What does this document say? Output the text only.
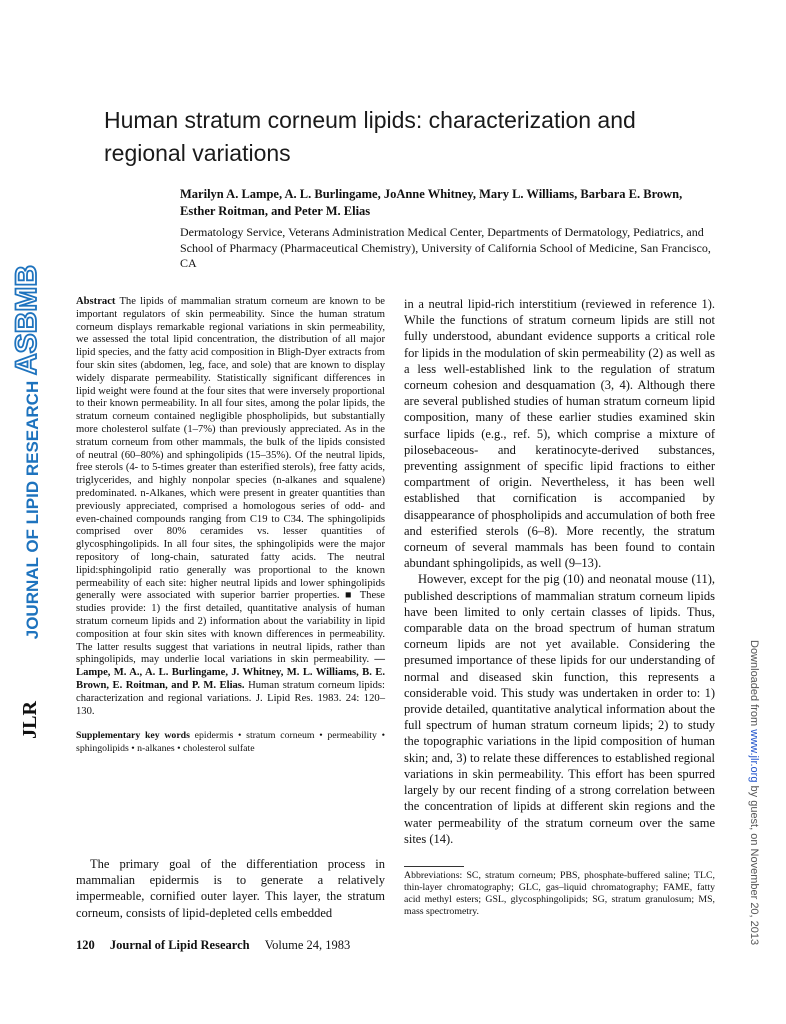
ASBMB
JOURNAL OF LIPID RESEARCH
JLR
Human stratum corneum lipids: characterization and regional variations
Marilyn A. Lampe, A. L. Burlingame, JoAnne Whitney, Mary L. Williams, Barbara E. Brown, Esther Roitman, and Peter M. Elias
Dermatology Service, Veterans Administration Medical Center, Departments of Dermatology, Pediatrics, and School of Pharmacy (Pharmaceutical Chemistry), University of California School of Medicine, San Francisco, CA

Abstract The lipids of mammalian stratum corneum are known to be important regulators of skin permeability. Since the human stratum corneum displays remarkable regional variations in skin permeability, we assessed the total lipid concentration, the distribution of all major lipid species, and the fatty acid composition in Bligh-Dyer extracts from four skin sites (abdomen, leg, face, and sole) that are known to display widely disparate permeability. Statistically significant differences in lipid weight were found at the four sites that were inversely proportional to their known permeability. In all four sites, among the polar lipids, the stratum corneum contained negligible phospholipids, but substantially more cholesterol sulfate (1–7%) than previously appreciated. As in the stratum corneum from other mammals, the bulk of the lipids consisted of neutral (60–80%) and sphingolipids (15–35%). Of the neutral lipids, free sterols (4- to 5-times greater than esterified sterols), free fatty acids, triglycerides, and highly nonpolar species (n-alkanes and squalene) predominated. n-Alkanes, which were present in greater quantities than previously appreciated, comprised a homologous series of odd- and even-chained compounds ranging from C19 to C34. The sphingolipids comprised over 80% ceramides vs. lesser quantities of glycosphingolipids. In all four sites, the sphingolipids were the major repository of long-chain, saturated fatty acids. The neutral lipid:sphingolipid ratio generally was proportional to the known permeability of each site: higher neutral lipids and lower sphingolipids generally were associated with superior barrier properties. ■ These studies provide: 1) the first detailed, quantitative analysis of human stratum corneum lipids and 2) information about the variability in lipid composition at four skin sites with known differences in permeability. The latter results suggest that variations in neutral lipids, rather than sphingolipids, may underlie local variations in skin permeability. —Lampe, M. A., A. L. Burlingame, J. Whitney, M. L. Williams, B. E. Brown, E. Roitman, and P. M. Elias. Human stratum corneum lipids: characterization and regional variations. J. Lipid Res. 1983. 24: 120–130.

Supplementary key words epidermis • stratum corneum • permeability • sphingolipids • n-alkanes • cholesterol sulfate

The primary goal of the differentiation process in mammalian epidermis is to generate a relatively impermeable, cornified outer layer. This layer, the stratum corneum, consists of lipid-depleted cells embedded

in a neutral lipid-rich interstitium (reviewed in reference 1). While the functions of stratum corneum lipids are still not fully understood, abundant evidence supports a critical role for lipids in the modulation of skin permeability (2) as well as a less well-established link to the regulation of stratum corneum cohesion and desquamation (3, 4). Although there are several published studies of human stratum corneum lipid composition, many of these earlier studies examined skin surface lipids (e.g., ref. 5), which comprise a mixture of pilosebaceous- and keratinocyte-derived substances, preventing assignment of specific lipid fractions to either compartment of origin. Nevertheless, it has been well established that cornification is accompanied by disappearance of phospholipids and accumulation of both free and esterified sterols (6–8). More recently, the stratum corneum of several mammals has been found to contain abundant sphingolipids, as well (9–13).

However, except for the pig (10) and neonatal mouse (11), published descriptions of mammalian stratum corneum lipids have been limited to only certain classes of lipids. Thus, comparable data on the broad spectrum of human stratum corneum lipids are not yet available. Considering the presumed importance of these lipids for our understanding of normal and diseased skin function, this represents a considerable void. This study was undertaken in order to: 1) provide detailed, quantitative analytical information about the full spectrum of human stratum corneum lipids; 2) to study the topographic variations in the lipid composition of human skin; and, 3) to relate these differences to established regional variations in skin permeability. This effort has been spurred largely by our recent finding of a strong correlation between the concentration of lipids at different skin regions and the water permeability of the stratum corneum over the same sites (14).

Abbreviations: SC, stratum corneum; PBS, phosphate-buffered saline; TLC, thin-layer chromatography; GLC, gas–liquid chromatography; FAME, fatty acid methyl esters; GSL, glycosphingolipids; SG, stratum granulosum; MS, mass spectrometry.
120 Journal of Lipid Research Volume 24, 1983
Downloaded from www.jlr.org by guest, on November 20, 2013
